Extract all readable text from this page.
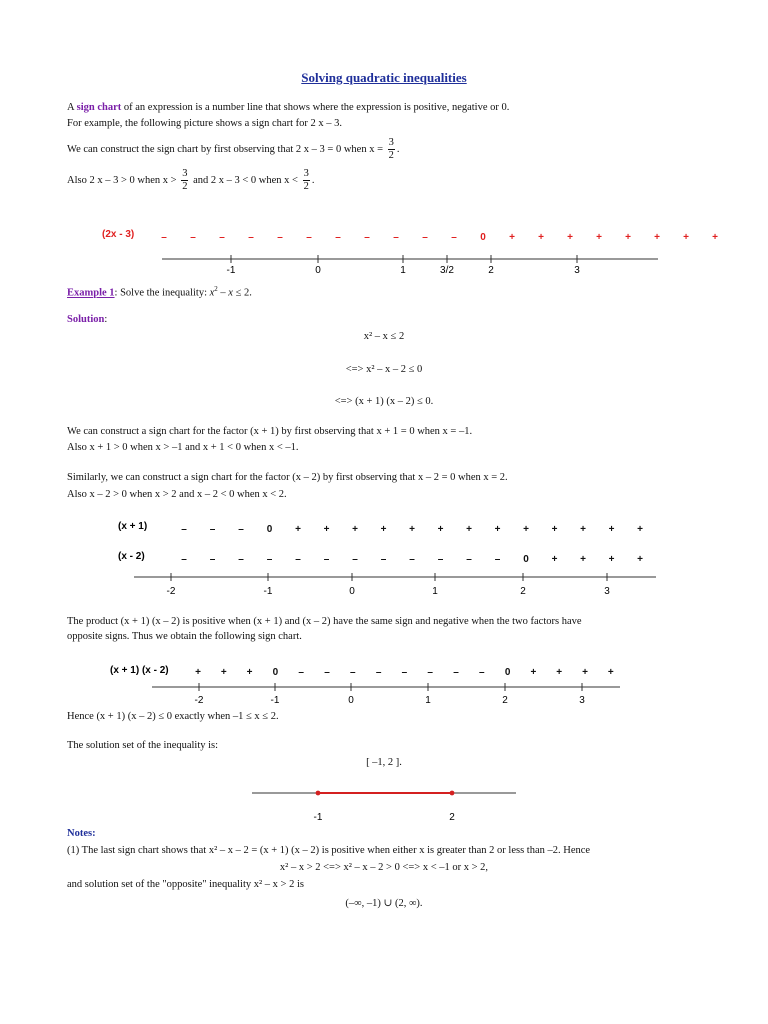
Solving quadratic inequalities
A sign chart of an expression is a number line that shows where the expression is positive, negative or 0.
For example, the following picture shows a sign chart for 2 x – 3.
We can construct the sign chart by first observing that 2 x – 3 = 0 when $x = \frac{3}{2}$ .
Also 2 x – 3 > 0 when $x > \frac{3}{2}$ and 2 x – 3 < 0 when $x < \frac{3}{2}$ .
(2x - 3)	– – – – – – – – – – – 0 + + + + + + + +
-1	0	1	3/2	2	3
Example 1: Solve the inequality: $x^2 - x \le 2$.
Solution:
x² – x ≤ 2
<=> x² – x – 2 ≤ 0
<=> (x + 1) (x – 2) ≤ 0.
We can construct a sign chart for the factor (x + 1) by first observing that x + 1 = 0 when x = –1.
Also x + 1 > 0 when x > –1 and x + 1 < 0 when x < –1.
Similarly, we can construct a sign chart for the factor (x – 2) by first observing that x – 2 = 0 when x = 2.
Also x – 2 > 0 when x > 2 and x – 2 < 0 when x < 2.
(x + 1)
(x - 2)
– – – 0 + + + + + + + + + + + + +
– – – – – – – – – – – – 0 + + + +
-2	-1	0	1	2	3
The product (x + 1) (x – 2) is positive when (x + 1) and (x – 2) have the same sign and negative when the two factors have
opposite signs. Thus we obtain the following sign chart.
(x + 1) (x - 2)	+ + + 0 – – – – – – – – 0 + + + +
-2	-1	0	1	2	3
Hence (x + 1) (x – 2) ≤ 0 exactly when –1 ≤ x ≤ 2.
The solution set of the inequality is:
[ –1, 2 ].
-1	2
Notes:
(1) The last sign chart shows that x² – x – 2 = (x + 1) (x – 2) is positive when either x is greater than 2 or less than –2. Hence
x² – x > 2 <=> x² – x – 2 > 0 <=> x < –1 or x > 2,
and solution set of the "opposite" inequality x² – x > 2 is
(–∞, –1) ∪ (2, ∞).
